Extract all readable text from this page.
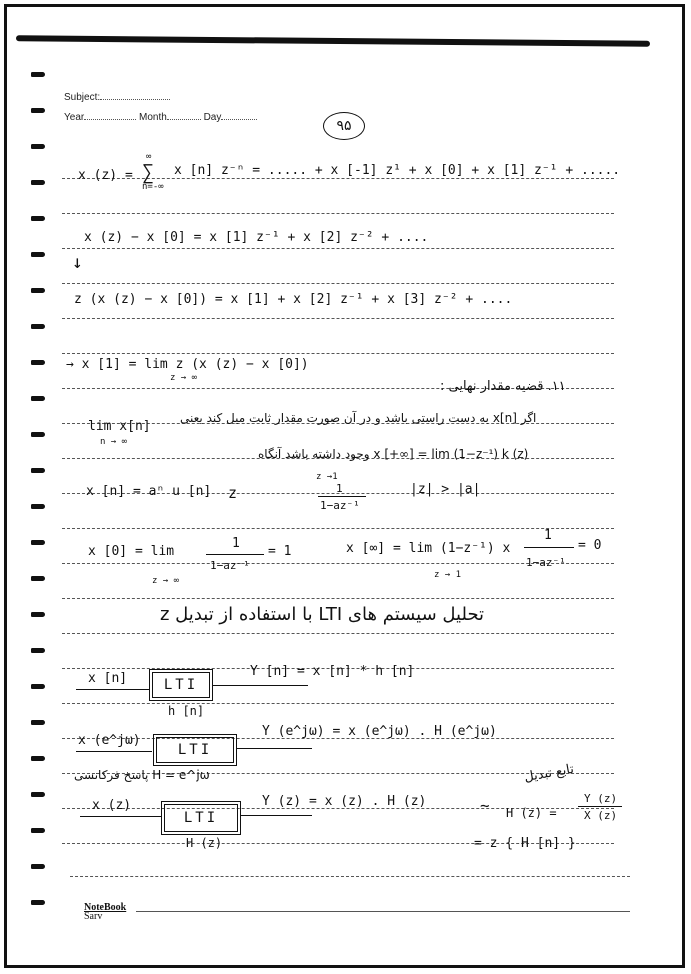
Subject:
Year	Month	Day
۹۵
x (z) =
∞
∑
n=-∞
x [n] z⁻ⁿ = ..... + x [-1] z¹ + x [0] + x [1] z⁻¹ + .....
x (z) − x [0] = x [1] z⁻¹ + x [2] z⁻² + ....
↓
z (x (z) − x [0]) = x [1] + x [2] z⁻¹ + x [3] z⁻² + ....
→ x [1] = lim z (x (z) − x [0])
z → ∞
۱۱. قضیه مقدار نهایی :
اگر x[n] به دست راستی باشد و در آن صورت مقدار ثابت میل کند یعنی
lim x[n]
n → ∞
x [+∞] = lim (1−z⁻¹) k (z) وجود داشته باشد آنگاه
x [n] = aⁿ u [n] z
z →1
1
1−az⁻¹
|z| > |a|
x [0] = lim
1
1−az⁻¹
= 1
z → ∞
x [∞] = lim (1−z⁻¹) x
1
1−az⁻¹
= 0
z → 1
تحلیل سیستم های LTI با استفاده از تبدیل z
x [n]	LTI
h [n]
Y [n] = x [n] * h [n]
x (e^jω)
LTI
Y (e^jω) = x (e^jω) . H (e^jω)
H = e^jω پاسخ فرکانسی
x (z)
LTI
H (z)
Y (z) = x (z) . H (z)
تابع تبدیل
H (z) =
Y (z)
X (z)
= z { H [n] }
∼
NoteBook
Sarv
